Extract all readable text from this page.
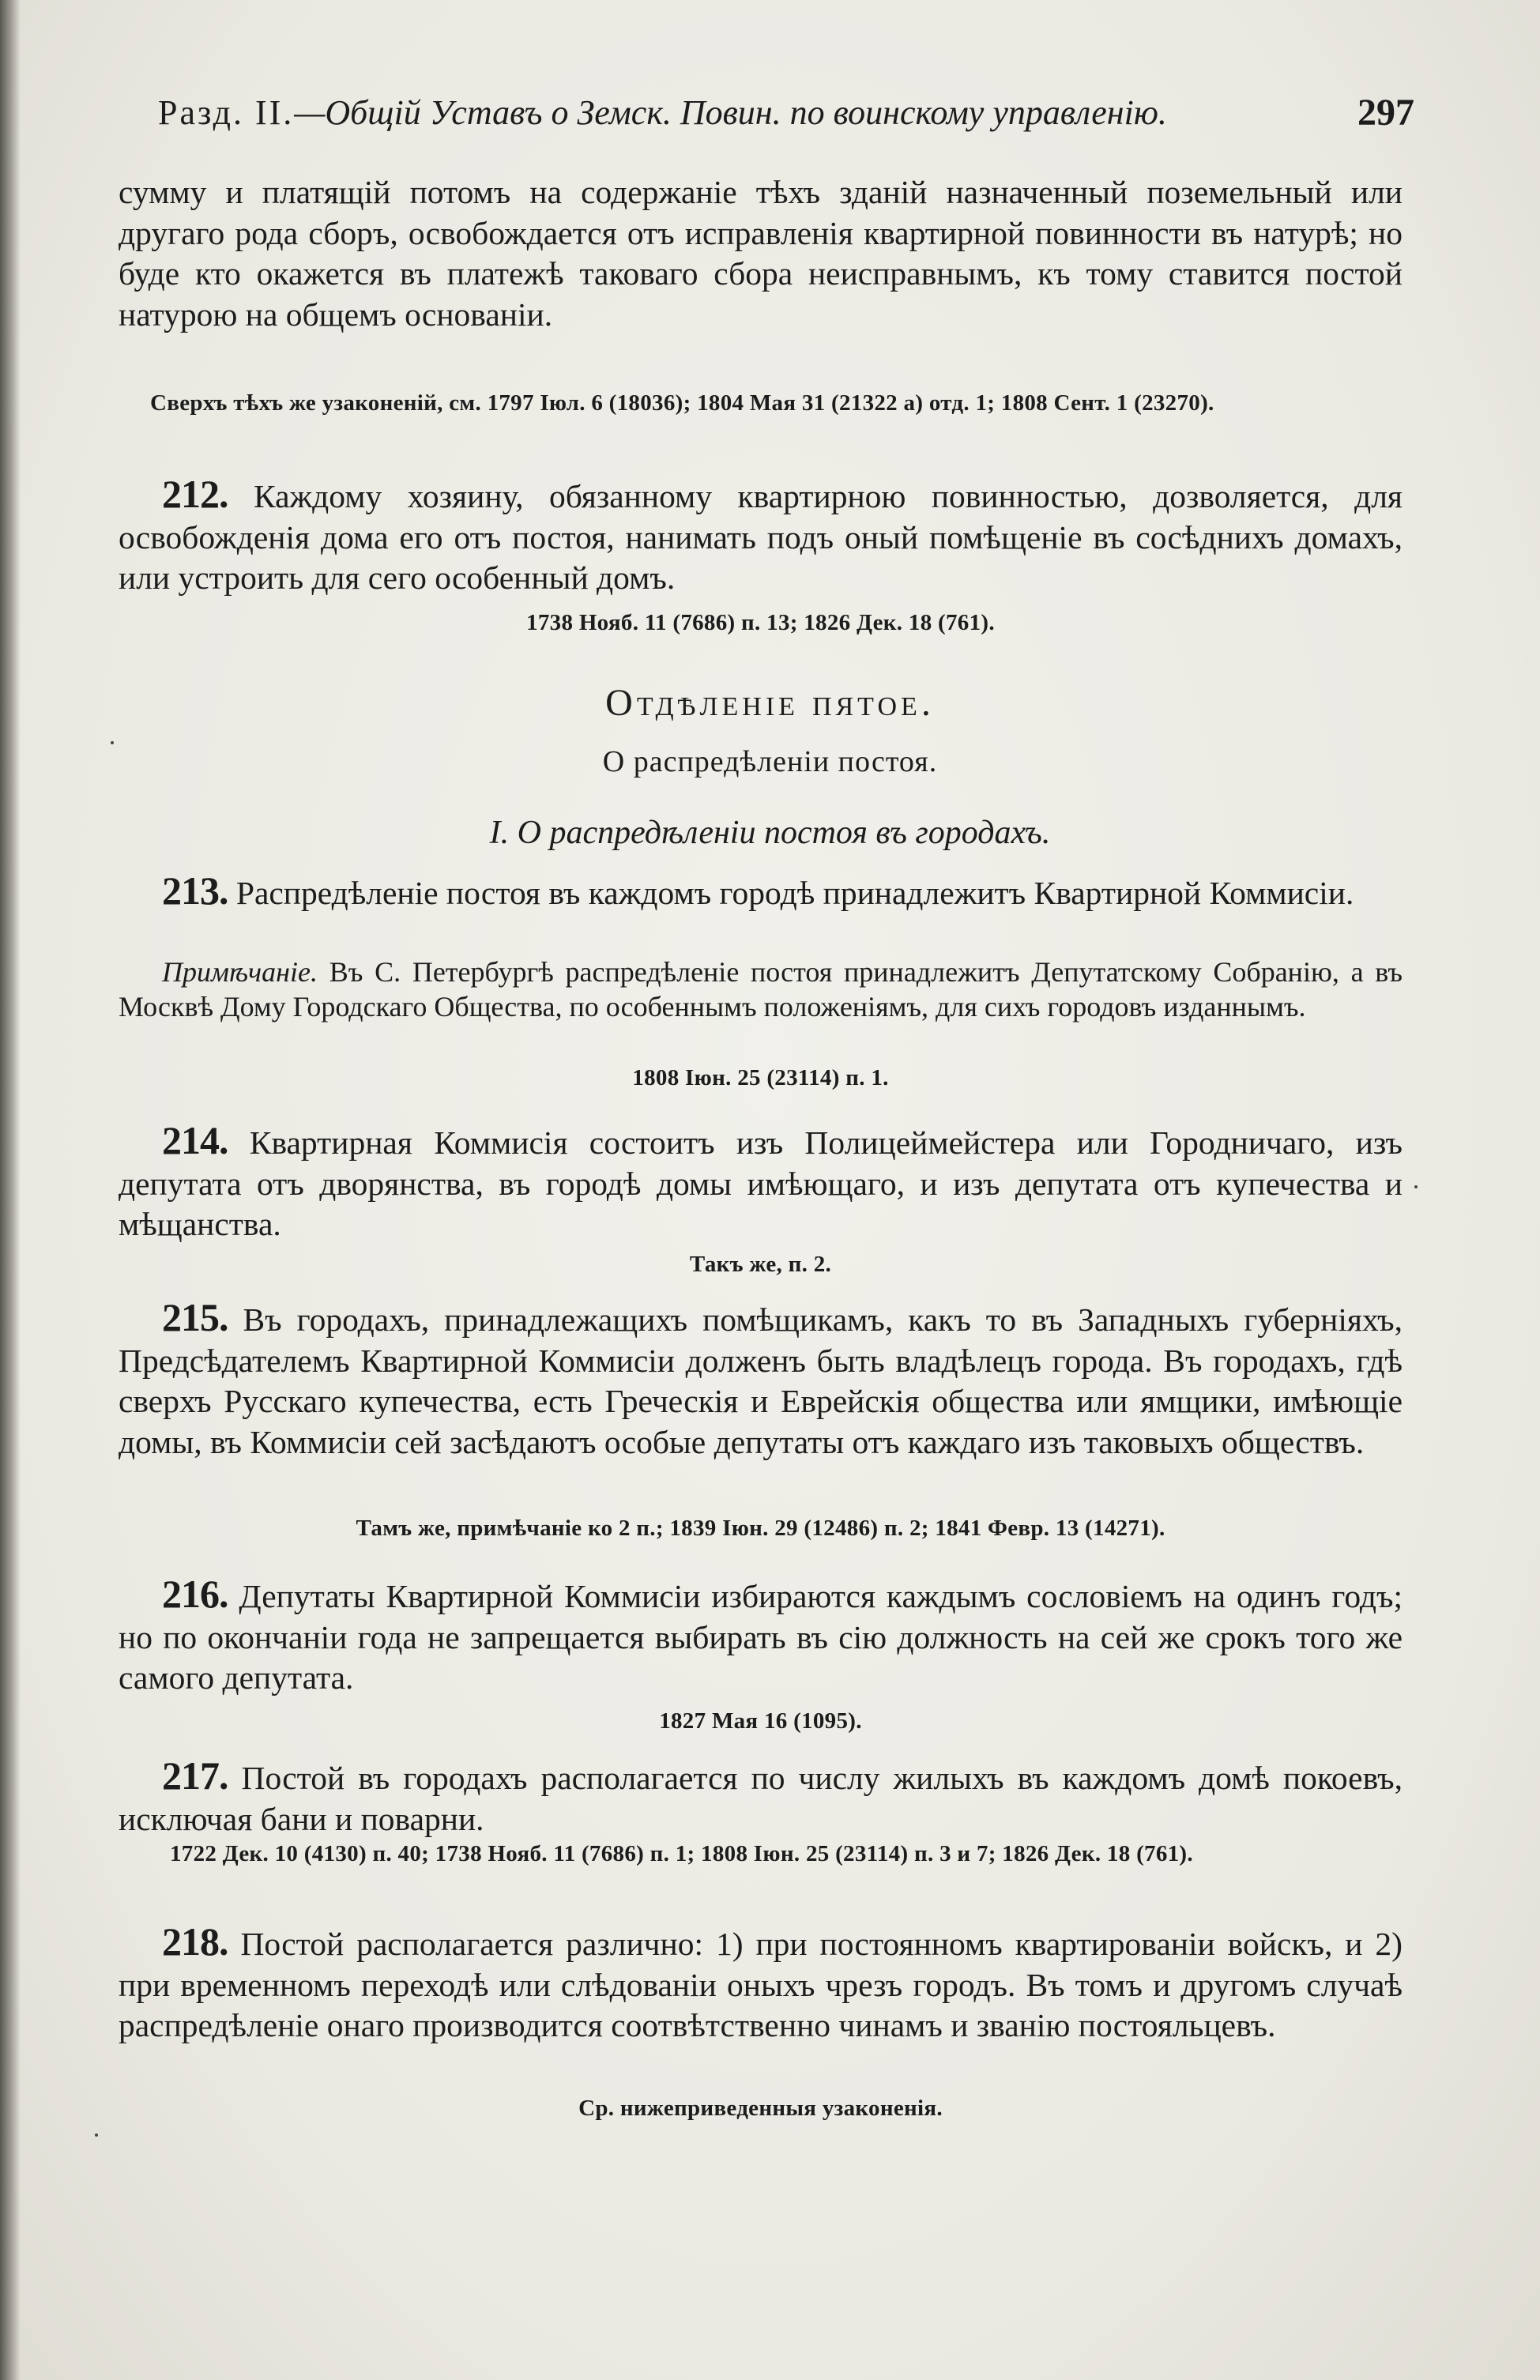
Разд. II.—Общій Уставъ о Земск. Повин. по воинскому управленію.	297
сумму и платящій потомъ на содержаніе тѣхъ зданій назначенный поземельный или другаго рода сборъ, освобождается отъ исправленія квартирной повинности въ натурѣ; но буде кто окажется въ платежѣ таковаго сбора неисправнымъ, къ тому ставится постой натурою на общемъ основаніи.
Сверхъ тѣхъ же узаконеній, см. 1797 Іюл. 6 (18036); 1804 Мая 31 (21322 а) отд. 1; 1808 Сент. 1 (23270).
212. Каждому хозяину, обязанному квартирною повинностью, дозволяется, для освобожденія дома его отъ постоя, нанимать подъ оный помѣщеніе въ сосѣднихъ домахъ, или устроить для сего особенный домъ.
1738 Нояб. 11 (7686) п. 13; 1826 Дек. 18 (761).
Отдѣленіе пятое.
О распредѣленіи постоя.
I. О распредѣленіи постоя въ городахъ.
213. Распредѣленіе постоя въ каждомъ городѣ принадлежитъ Квартирной Коммисіи.
Примѣчаніе. Въ С. Петербургѣ распредѣленіе постоя принадлежитъ Депутатскому Собранію, а въ Москвѣ Дому Городскаго Общества, по особеннымъ положеніямъ, для сихъ городовъ изданнымъ.
1808 Іюн. 25 (23114) п. 1.
214. Квартирная Коммисія состоитъ изъ Полицеймейстера или Городничаго, изъ депутата отъ дворянства, въ городѣ домы имѣющаго, и изъ депутата отъ купечества и мѣщанства.
Такъ же, п. 2.
215. Въ городахъ, принадлежащихъ помѣщикамъ, какъ то въ Западныхъ губерніяхъ, Предсѣдателемъ Квартирной Коммисіи долженъ быть владѣлецъ города. Въ городахъ, гдѣ сверхъ Русскаго купечества, есть Греческія и Еврейскія общества или ямщики, имѣющіе домы, въ Коммисіи сей засѣдаютъ особые депутаты отъ каждаго изъ таковыхъ обществъ.
Тамъ же, примѣчаніе ко 2 п.; 1839 Іюн. 29 (12486) п. 2; 1841 Февр. 13 (14271).
216. Депутаты Квартирной Коммисіи избираются каждымъ сословіемъ на одинъ годъ; но по окончаніи года не запрещается выбирать въ сію должность на сей же срокъ того же самого депутата.
1827 Мая 16 (1095).
217. Постой въ городахъ располагается по числу жилыхъ въ каждомъ домѣ покоевъ, исключая бани и поварни.
1722 Дек. 10 (4130) п. 40; 1738 Нояб. 11 (7686) п. 1; 1808 Іюн. 25 (23114) п. 3 и 7; 1826 Дек. 18 (761).
218. Постой располагается различно: 1) при постоянномъ квартированіи войскъ, и 2) при временномъ переходѣ или слѣдованіи оныхъ чрезъ городъ. Въ томъ и другомъ случаѣ распредѣленіе онаго производится соотвѣтственно чинамъ и званію постояльцевъ.
Ср. нижеприведенныя узаконенія.
